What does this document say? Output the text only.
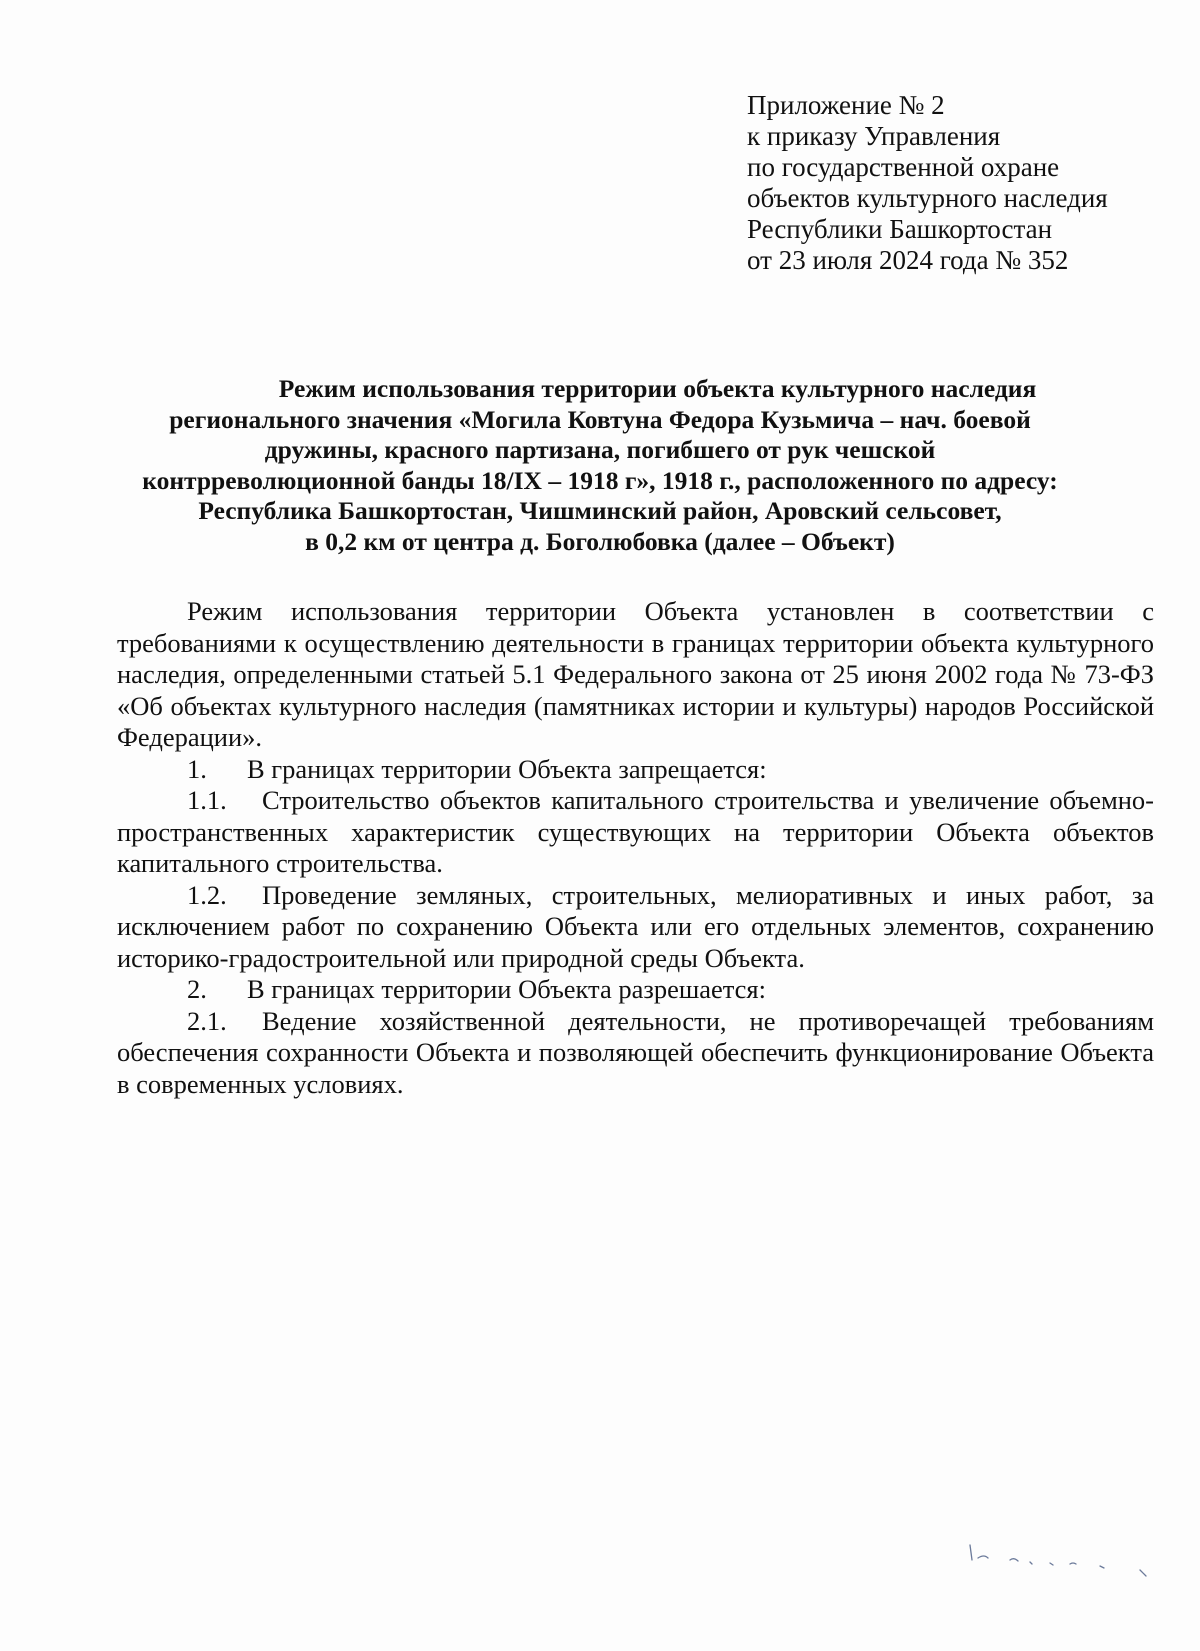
Приложение № 2
к приказу Управления
по государственной охране
объектов культурного наследия
Республики Башкортостан
от 23 июля 2024 года № 352
Режим использования территории объекта культурного наследия
регионального значения «Могила Ковтуна Федора Кузьмича – нач. боевой
дружины, красного партизана, погибшего от рук чешской
контрреволюционной банды 18/IX – 1918 г», 1918 г., расположенного по адресу:
Республика Башкортостан, Чишминский район, Аровский сельсовет,
в 0,2 км от центра д. Боголюбовка (далее – Объект)

Режим использования территории Объекта установлен в соответствии с требованиями к осуществлению деятельности в границах территории объекта культурного наследия, определенными статьей 5.1 Федерального закона от 25 июня 2002 года № 73-ФЗ «Об объектах культурного наследия (памятниках истории и культуры) народов Российской Федерации».

1. В границах территории Объекта запрещается:

1.1. Строительство объектов капитального строительства и увеличение объемно-пространственных характеристик существующих на территории Объекта объектов капитального строительства.

1.2. Проведение земляных, строительных, мелиоративных и иных работ, за исключением работ по сохранению Объекта или его отдельных элементов, сохранению историко-градостроительной или природной среды Объекта.

2. В границах территории Объекта разрешается:

2.1. Ведение хозяйственной деятельности, не противоречащей требованиям обеспечения сохранности Объекта и позволяющей обеспечить функционирование Объекта в современных условиях.
